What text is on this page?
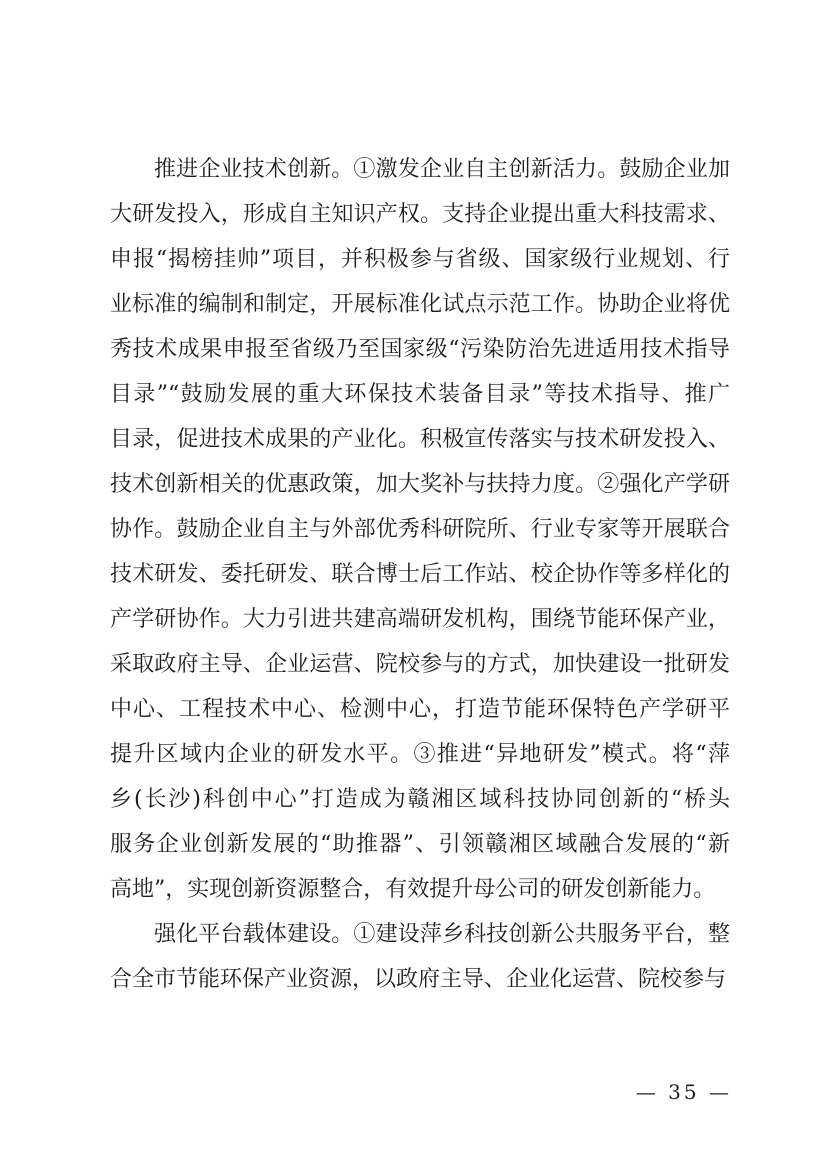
推进企业技术创新。①激发企业自主创新活力。鼓励企业加
大研发投入，形成自主知识产权。支持企业提出重大科技需求、
申报“揭榜挂帅”项目，并积极参与省级、国家级行业规划、行
业标准的编制和制定，开展标准化试点示范工作。协助企业将优
秀技术成果申报至省级乃至国家级“污染防治先进适用技术指导
目录”“鼓励发展的重大环保技术装备目录”等技术指导、推广
目录，促进技术成果的产业化。积极宣传落实与技术研发投入、
技术创新相关的优惠政策，加大奖补与扶持力度。②强化产学研
协作。鼓励企业自主与外部优秀科研院所、行业专家等开展联合
技术研发、委托研发、联合博士后工作站、校企协作等多样化的
产学研协作。大力引进共建高端研发机构，围绕节能环保产业，
采取政府主导、企业运营、院校参与的方式，加快建设一批研发
中心、工程技术中心、检测中心，打造节能环保特色产学研平
提升区域内企业的研发水平。③推进“异地研发”模式。将“萍
乡(长沙)科创中心”打造成为赣湘区域科技协同创新的“桥头
服务企业创新发展的“助推器”、引领赣湘区域融合发展的“新
高地”，实现创新资源整合，有效提升母公司的研发创新能力。
强化平台载体建设。①建设萍乡科技创新公共服务平台，整
合全市节能环保产业资源，以政府主导、企业化运营、院校参与
— 35 —
